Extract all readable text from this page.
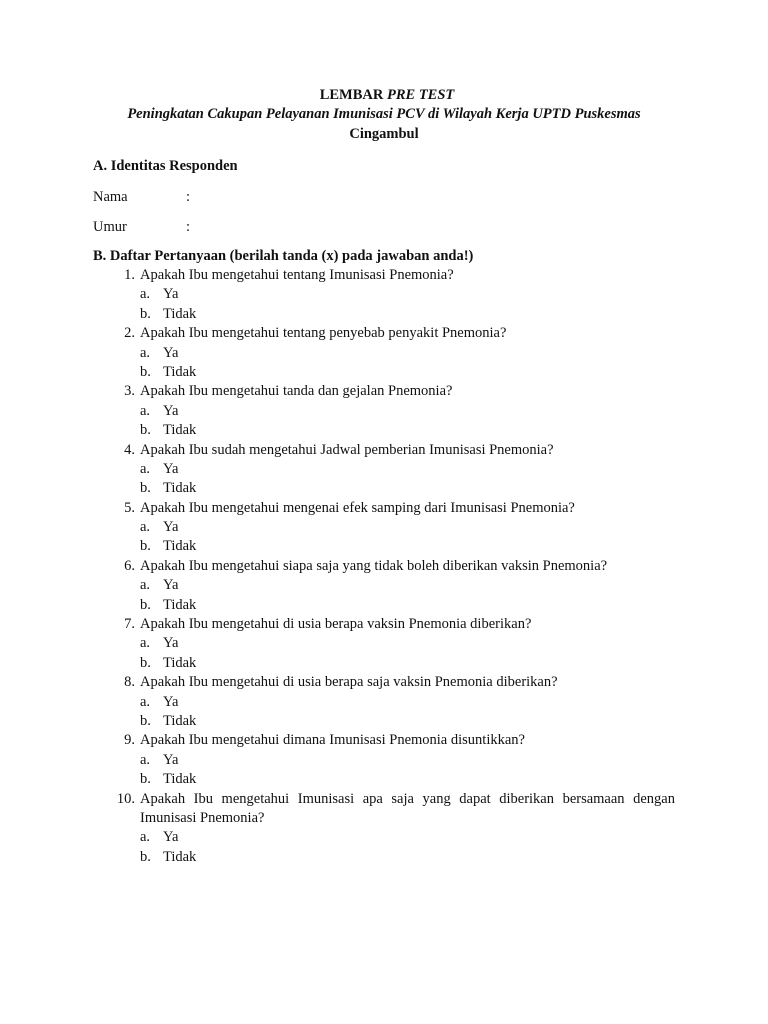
LEMBAR PRE TEST
Peningkatan Cakupan Pelayanan Imunisasi PCV di Wilayah Kerja UPTD Puskesmas
Cingambul
A. Identitas Responden
Nama	:
Umur	:
B. Daftar Pertanyaan (berilah tanda (x) pada jawaban anda!)
1. Apakah Ibu mengetahui tentang Imunisasi Pnemonia?
a. Ya
b. Tidak
2. Apakah Ibu mengetahui tentang penyebab penyakit Pnemonia?
a. Ya
b. Tidak
3. Apakah Ibu mengetahui tanda dan gejalan Pnemonia?
a. Ya
b. Tidak
4. Apakah Ibu sudah mengetahui Jadwal pemberian Imunisasi Pnemonia?
a. Ya
b. Tidak
5. Apakah Ibu mengetahui mengenai efek samping dari Imunisasi Pnemonia?
a. Ya
b. Tidak
6. Apakah Ibu mengetahui siapa saja yang tidak boleh diberikan vaksin Pnemonia?
a. Ya
b. Tidak
7. Apakah Ibu mengetahui di usia berapa vaksin Pnemonia diberikan?
a. Ya
b. Tidak
8. Apakah Ibu mengetahui di usia berapa saja vaksin Pnemonia diberikan?
a. Ya
b. Tidak
9. Apakah Ibu mengetahui dimana Imunisasi Pnemonia disuntikkan?
a. Ya
b. Tidak
10. Apakah Ibu mengetahui Imunisasi apa saja yang dapat diberikan bersamaan dengan Imunisasi Pnemonia?
a. Ya
b. Tidak
